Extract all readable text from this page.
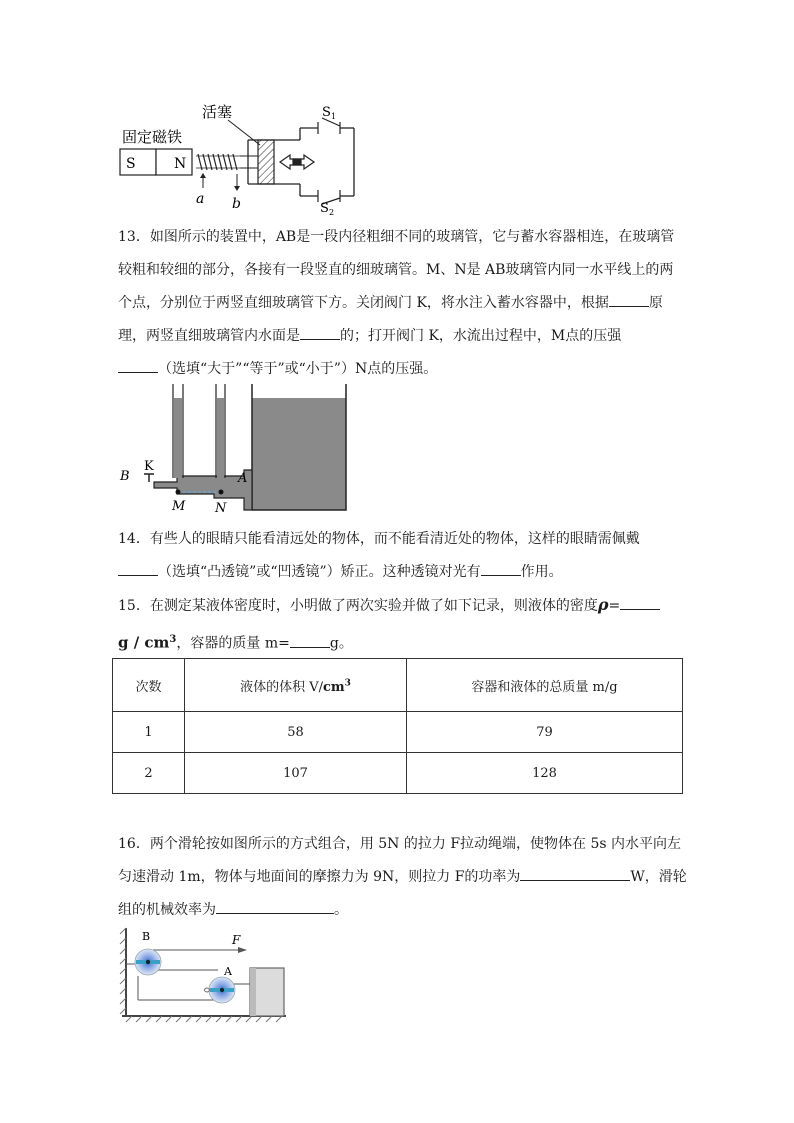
活塞
固定磁铁
S	N
S 1
S 2
a b

13．如图所示的装置中，AB是一段内径粗细不同的玻璃管，它与蓄水容器相连，在玻璃管

较粗和较细的部分，各接有一段竖直的细玻璃管。M、N是 AB玻璃管内同一水平线上的两

个点，分别位于两竖直细玻璃管下方。关闭阀门 K，将水注入蓄水容器中，根据	原

理，两竖直细玻璃管内水面是	的；打开阀门 K，水流出过程中，M点的压强

（选填“大于”“等于”或“小于”）N点的压强。

B
K
A
M N

14．有些人的眼睛只能看清远处的物体，而不能看清近处的物体，这样的眼睛需佩戴

（选填“凸透镜”或“凹透镜”）矫正。这种透镜对光有	作用。

15．在测定某液体密度时，小明做了两次实验并做了如下记录，则液体的密度ρ=

g / $cm^3$，容器的质量 m=	g。

次数	液体的体积 $V/cm^3$	容器和液体的总质量 m/g
1	58	79
2	107	128

16．两个滑轮按如图所示的方式组合，用 5N 的拉力 F拉动绳端，使物体在 5s 内水平向左

匀速滑动 1m，物体与地面间的摩擦力为 9N，则拉力 F的功率为	W，滑轮

组的机械效率为	。

F
B
A
